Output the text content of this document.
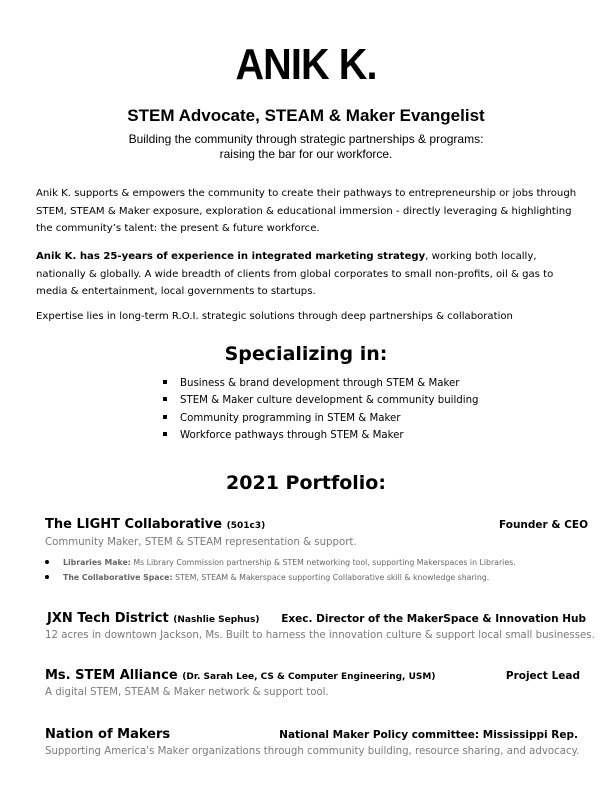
ANIK K.
STEM Advocate, STEAM & Maker Evangelist
Building the community through strategic partnerships & programs:
raising the bar for our workforce.
Anik K. supports & empowers the community to create their pathways to entrepreneurship or jobs through STEM, STEAM & Maker exposure, exploration & educational immersion - directly leveraging & highlighting the community’s talent: the present & future workforce.
Anik K. has 25-years of experience in integrated marketing strategy, working both locally, nationally & globally. A wide breadth of clients from global corporates to small non-profits, oil & gas to media & entertainment, local governments to startups.
Expertise lies in long-term R.O.I. strategic solutions through deep partnerships & collaboration
Specializing in:
Business & brand development through STEM & Maker
STEM & Maker culture development & community building
Community programming in STEM & Maker
Workforce pathways through STEM & Maker
2021 Portfolio:
The LIGHT Collaborative (501c3)	Founder & CEO
Community Maker, STEM & STEAM representation & support.
Libraries Make: Ms Library Commission partnership & STEM networking tool, supporting Makerspaces in Libraries.
The Collaborative Space: STEM, STEAM & Makerspace supporting Collaborative skill & knowledge sharing.
JXN Tech District (Nashlie Sephus) Exec. Director of the MakerSpace & Innovation Hub
12 acres in downtown Jackson, Ms. Built to harness the innovation culture & support local small businesses.
Ms. STEM Alliance (Dr. Sarah Lee, CS & Computer Engineering, USM)	Project Lead
A digital STEM, STEAM & Maker network & support tool.
Nation of Makers	National Maker Policy committee: Mississippi Rep.
Supporting America's Maker organizations through community building, resource sharing, and advocacy.
